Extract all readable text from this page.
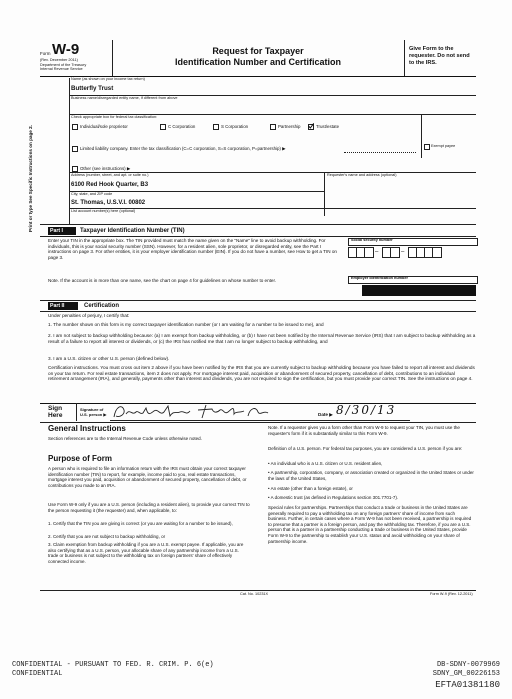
Form W-9
(Rev. December 2011)
Department of the Treasury
Internal Revenue Service
Request for Taxpayer
Identification Number and Certification
Give Form to the requester. Do not send to the IRS.
Print or type See Specific Instructions on page 2.
Name (as shown on your income tax return)
Butterfly Trust
Business name/disregarded entity name, if different from above
Check appropriate box for federal tax classification:
Individual/sole proprietor	C Corporation	S Corporation	Partnership	Trust/estate
Limited liability company. Enter the tax classification (C=C corporation, S=S corporation, P=partnership) ▶	Exempt payee
Other (see instructions) ▶
Address (number, street, and apt. or suite no.)
6100 Red Hook Quarter, B3
Requester's name and address (optional)
City, state, and ZIP code
St. Thomas, U.S.V.I. 00802
List account number(s) here (optional)
Part I	Taxpayer Identification Number (TIN)
Enter your TIN in the appropriate box. The TIN provided must match the name given on the "Name" line to avoid backup withholding. For individuals, this is your social security number (SSN). However, for a resident alien, sole proprietor, or disregarded entity, see the Part I instructions on page 3. For other entities, it is your employer identification number (EIN). If you do not have a number, see How to get a TIN on page 3.
Note. If the account is in more than one name, see the chart on page 4 for guidelines on whose number to enter.
Social security number
–	–
Employer identification number
Part II	Certification
Under penalties of perjury, I certify that:
1. The number shown on this form is my correct taxpayer identification number (or I am waiting for a number to be issued to me), and
2. I am not subject to backup withholding because: (a) I am exempt from backup withholding, or (b) I have not been notified by the Internal Revenue Service (IRS) that I am subject to backup withholding as a result of a failure to report all interest or dividends, or (c) the IRS has notified me that I am no longer subject to backup withholding, and
3. I am a U.S. citizen or other U.S. person (defined below).
Certification instructions. You must cross out item 2 above if you have been notified by the IRS that you are currently subject to backup withholding because you have failed to report all interest and dividends on your tax return. For real estate transactions, item 2 does not apply. For mortgage interest paid, acquisition or abandonment of secured property, cancellation of debt, contributions to an individual retirement arrangement (IRA), and generally, payments other than interest and dividends, you are not required to sign the certification, but you must provide your correct TIN. See the instructions on page 4.
Sign Here
Signature of U.S. person ▶	Date ▶ 8/30/13
General Instructions
Section references are to the Internal Revenue Code unless otherwise noted.
Purpose of Form
A person who is required to file an information return with the IRS must obtain your correct taxpayer identification number (TIN) to report, for example, income paid to you, real estate transactions, mortgage interest you paid, acquisition or abandonment of secured property, cancellation of debt, or contributions you made to an IRA.
Use Form W-9 only if you are a U.S. person (including a resident alien), to provide your correct TIN to the person requesting it (the requester) and, when applicable, to:
1. Certify that the TIN you are giving is correct (or you are waiting for a number to be issued),
2. Certify that you are not subject to backup withholding, or
3. Claim exemption from backup withholding if you are a U.S. exempt payee. If applicable, you are also certifying that as a U.S. person, your allocable share of any partnership income from a U.S. trade or business is not subject to the withholding tax on foreign partners' share of effectively connected income.
Note. If a requester gives you a form other than Form W-9 to request your TIN, you must use the requester's form if it is substantially similar to this Form W-9.
Definition of a U.S. person. For federal tax purposes, you are considered a U.S. person if you are:
• An individual who is a U.S. citizen or U.S. resident alien,
• A partnership, corporation, company, or association created or organized in the United States or under the laws of the United States,
• An estate (other than a foreign estate), or
• A domestic trust (as defined in Regulations section 301.7701-7).
Special rules for partnerships. Partnerships that conduct a trade or business in the United States are generally required to pay a withholding tax on any foreign partners' share of income from such business. Further, in certain cases where a Form W-9 has not been received, a partnership is required to presume that a partner is a foreign person, and pay the withholding tax. Therefore, if you are a U.S. person that is a partner in a partnership conducting a trade or business in the United States, provide Form W-9 to the partnership to establish your U.S. status and avoid withholding on your share of partnership income.
Cat. No. 10231X	Form W-9 (Rev. 12-2011)
CONFIDENTIAL - PURSUANT TO FED. R. CRIM. P. 6(e)
CONFIDENTIAL
DB-SDNY-0079969
SDNY_GM_00226153
EFTA01381180
